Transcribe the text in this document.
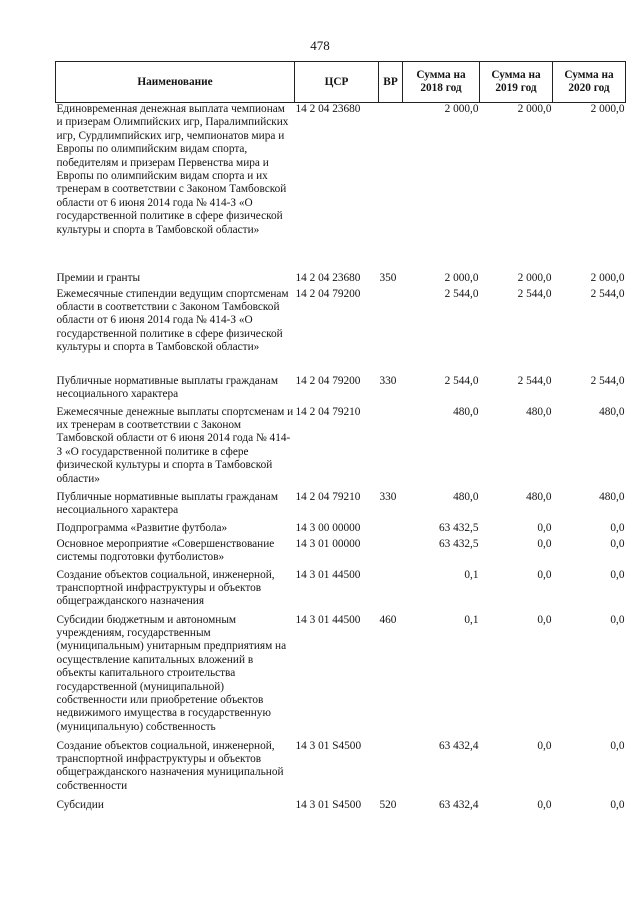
478
Наименование	ЦСР	ВР	Сумма на 2018 год	Сумма на 2019 год	Сумма на 2020 год
Единовременная денежная выплата чемпионам и призерам Олимпийских игр, Паралимпийских игр, Сурдлимпийских игр, чемпионатов мира и Европы по олимпийским видам спорта, победителям и призерам Первенства мира и Европы по олимпийским видам спорта и их тренерам в соответствии с Законом Тамбовской области от 6 июня 2014 года № 414-З «О государственной политике в сфере физической культуры и спорта в Тамбовской области»	14 2 04 23680		2 000,0	2 000,0	2 000,0
Премии и гранты	14 2 04 23680	350	2 000,0	2 000,0	2 000,0
Ежемесячные стипендии ведущим спортсменам области в соответствии с Законом Тамбовской области от 6 июня 2014 года № 414-З «О государственной политике в сфере физической культуры и спорта в Тамбовской области»	14 2 04 79200		2 544,0	2 544,0	2 544,0
Публичные нормативные выплаты гражданам несоциального характера	14 2 04 79200	330	2 544,0	2 544,0	2 544,0
Ежемесячные денежные выплаты спортсменам и их тренерам в соответствии с Законом Тамбовской области от 6 июня 2014 года № 414-З «О государственной политике в сфере физической культуры и спорта в Тамбовской области»	14 2 04 79210		480,0	480,0	480,0
Публичные нормативные выплаты гражданам несоциального характера	14 2 04 79210	330	480,0	480,0	480,0
Подпрограмма «Развитие футбола»	14 3 00 00000		63 432,5	0,0	0,0
Основное мероприятие «Совершенствование системы подготовки футболистов»	14 3 01 00000		63 432,5	0,0	0,0
Создание объектов социальной, инженерной, транспортной инфраструктуры и объектов общегражданского назначения	14 3 01 44500		0,1	0,0	0,0
Субсидии бюджетным и автономным учреждениям, государственным (муниципальным) унитарным предприятиям на осуществление капитальных вложений в объекты капитального строительства государственной (муниципальной) собственности или приобретение объектов недвижимого имущества в государственную (муниципальную) собственность	14 3 01 44500	460	0,1	0,0	0,0
Создание объектов социальной, инженерной, транспортной инфраструктуры и объектов общегражданского назначения муниципальной собственности	14 3 01 S4500		63 432,4	0,0	0,0
Субсидии	14 3 01 S4500	520	63 432,4	0,0	0,0
